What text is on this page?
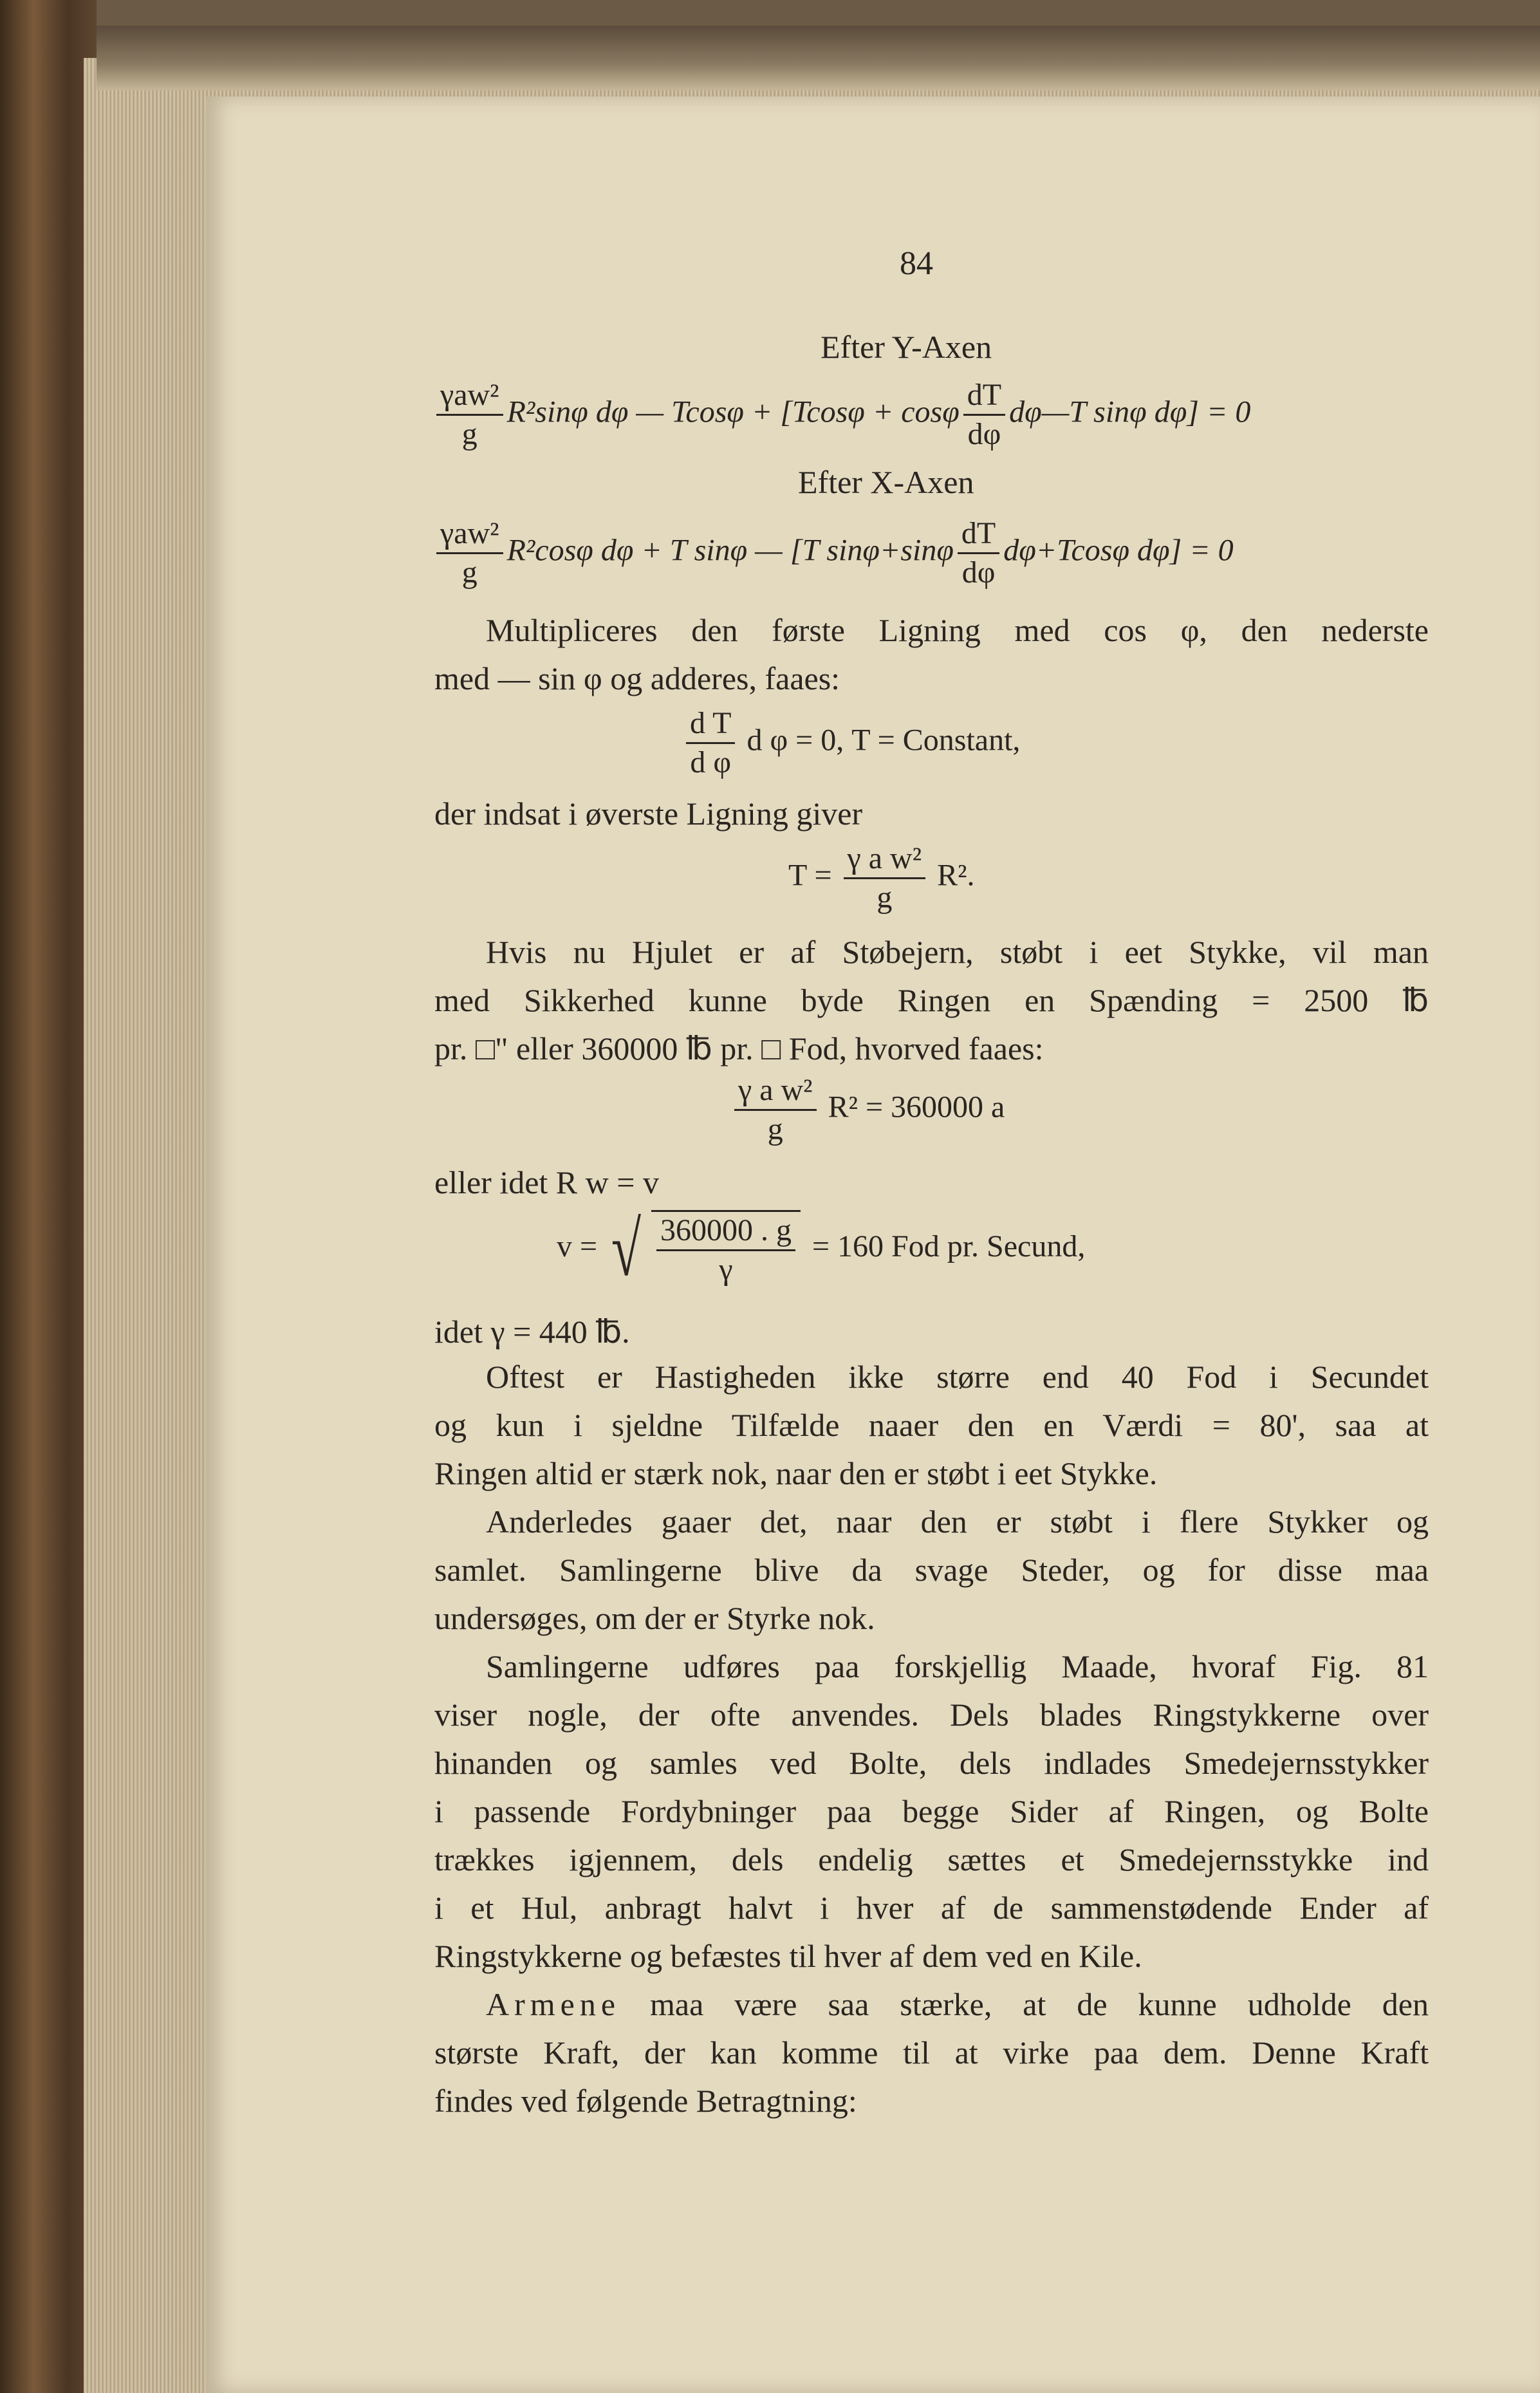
84
Efter Y-Axen
$\frac{\text{γaw²}}{g} R^2\sin\varphi$ dφ — Tcosφ + [Tcosφ + cosφ $\frac{dT}{d\varphi}$ dφ—T sinφ dφ] = 0
Efter X-Axen
$\frac{\text{γaw²}}{g} R^2\cos\varphi$ dφ + T sinφ — [T $\sin\varphi+\sin\varphi \frac{dT}{d\varphi} d\varphi+Tcos\varphi$ dφ] = 0
Multipliceres den første Ligning med cos φ, den nederste
med — sin φ og adderes, faaes:
$\frac{\text{d T}}{\text{d φ}}$ d φ = 0, T = Constant,
der indsat i øverste Ligning giver
$T = \frac{\text{γ a w²}}{g} R^2$.
Hvis nu Hjulet er af Støbejern, støbt i eet Stykke, vil man
med Sikkerhed kunne byde Ringen en Spænding = 2500 ℔
pr. □" eller 360000 ℔ pr. □ Fod, hvorved faaes:
$\frac{\text{γ a w²}}{g} R^2 = 360000$ a
eller idet R w = v
v = √ $\frac{360000 . g}{\gamma} = 160$ Fod pr. Secund,
idet γ = 440 ℔.
Oftest er Hastigheden ikke større end 40 Fod i Secundet
og kun i sjeldne Tilfælde naaer den en Værdi = 80', saa at
Ringen altid er stærk nok, naar den er støbt i eet Stykke.
Anderledes gaaer det, naar den er støbt i flere Stykker og
samlet. Samlingerne blive da svage Steder, og for disse maa
undersøges, om der er Styrke nok.
Samlingerne udføres paa forskjellig Maade, hvoraf Fig. 81
viser nogle, der ofte anvendes. Dels blades Ringstykkerne over
hinanden og samles ved Bolte, dels indlades Smedejernsstykker
i passende Fordybninger paa begge Sider af Ringen, og Bolte
trækkes igjennem, dels endelig sættes et Smedejernsstykke ind
i et Hul, anbragt halvt i hver af de sammenstødende Ender af
Ringstykkerne og befæstes til hver af dem ved en Kile.
Armene maa være saa stærke, at de kunne udholde den
største Kraft, der kan komme til at virke paa dem. Denne Kraft
findes ved følgende Betragtning:
